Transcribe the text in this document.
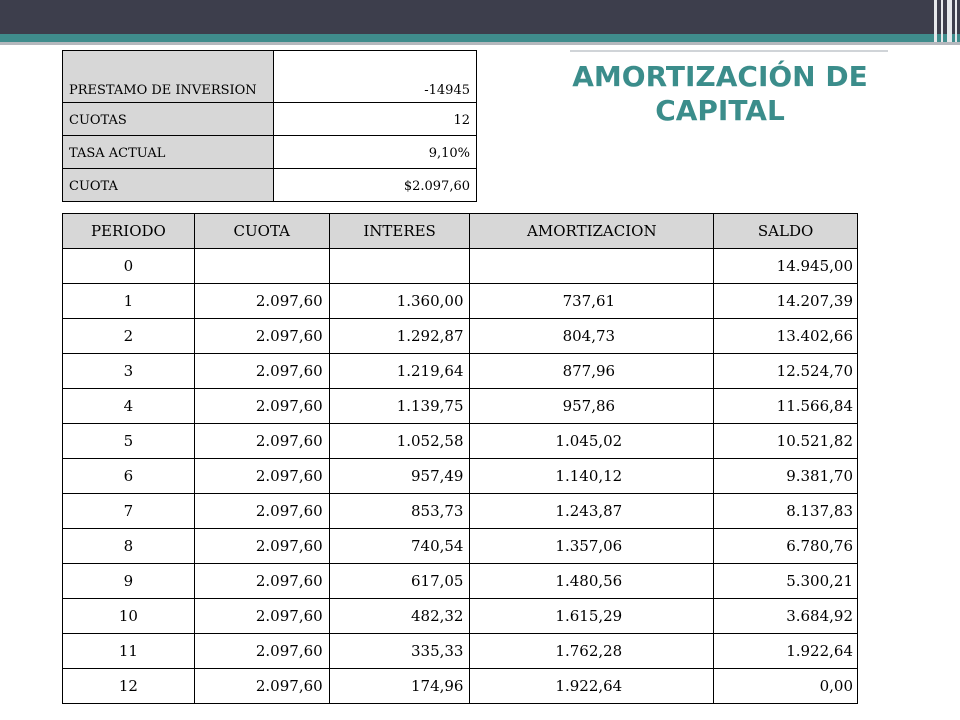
AMORTIZACIÓN DE CAPITAL
PRESTAMO DE INVERSION	-14945
CUOTAS	12
TASA ACTUAL	9,10%
CUOTA	$2.097,60
PERIODO	CUOTA	INTERES	AMORTIZACION	SALDO
0				14.945,00
1	2.097,60	1.360,00	737,61	14.207,39
2	2.097,60	1.292,87	804,73	13.402,66
3	2.097,60	1.219,64	877,96	12.524,70
4	2.097,60	1.139,75	957,86	11.566,84
5	2.097,60	1.052,58	1.045,02	10.521,82
6	2.097,60	957,49	1.140,12	9.381,70
7	2.097,60	853,73	1.243,87	8.137,83
8	2.097,60	740,54	1.357,06	6.780,76
9	2.097,60	617,05	1.480,56	5.300,21
10	2.097,60	482,32	1.615,29	3.684,92
11	2.097,60	335,33	1.762,28	1.922,64
12	2.097,60	174,96	1.922,64	0,00
